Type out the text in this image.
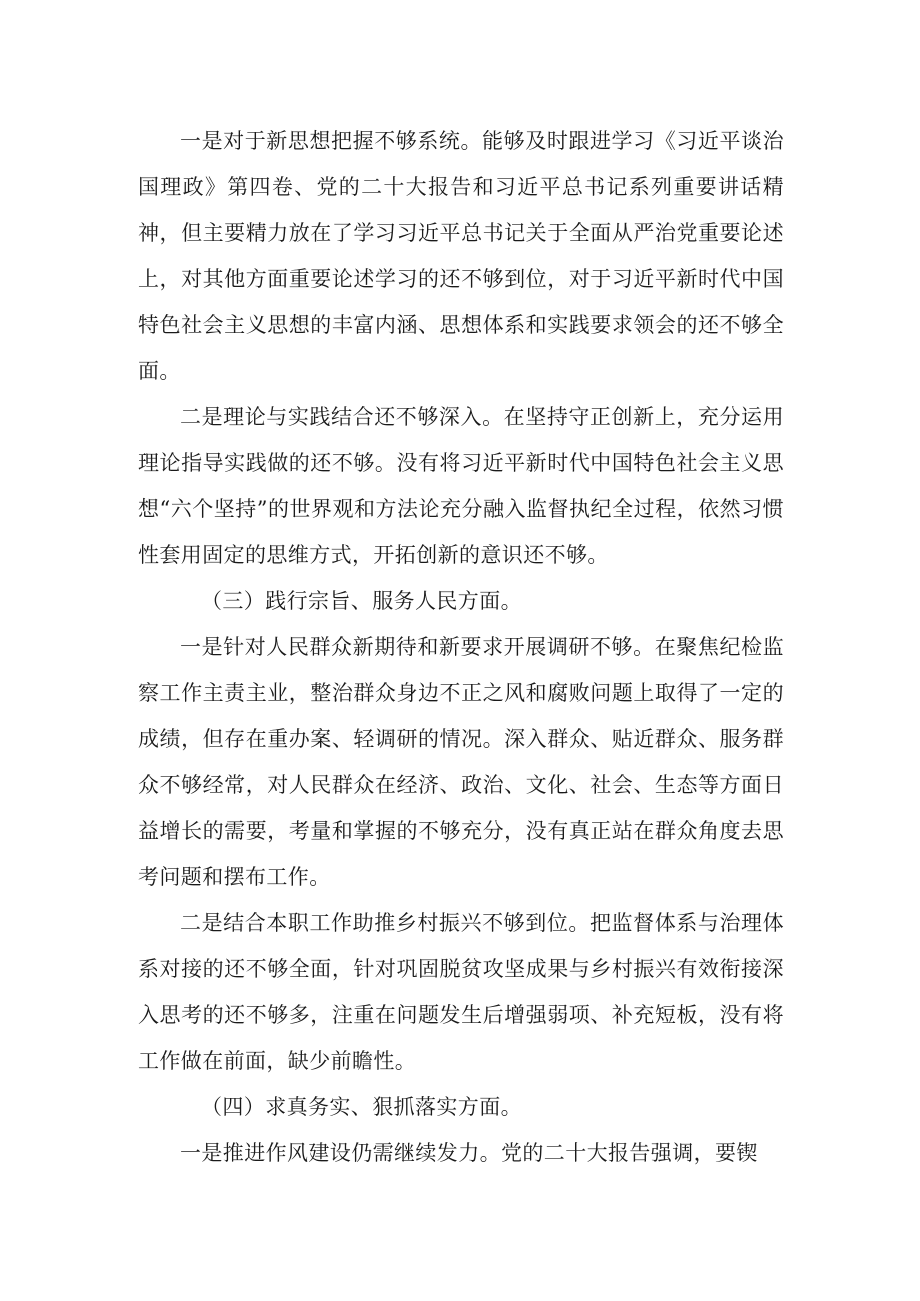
一是对于新思想把握不够系统。能够及时跟进学习《习近平谈治国理政》第四卷、党的二十大报告和习近平总书记系列重要讲话精神，但主要精力放在了学习习近平总书记关于全面从严治党重要论述上，对其他方面重要论述学习的还不够到位，对于习近平新时代中国特色社会主义思想的丰富内涵、思想体系和实践要求领会的还不够全面。

二是理论与实践结合还不够深入。在坚持守正创新上，充分运用理论指导实践做的还不够。没有将习近平新时代中国特色社会主义思想“六个坚持”的世界观和方法论充分融入监督执纪全过程，依然习惯性套用固定的思维方式，开拓创新的意识还不够。

（三）践行宗旨、服务人民方面。

一是针对人民群众新期待和新要求开展调研不够。在聚焦纪检监察工作主责主业，整治群众身边不正之风和腐败问题上取得了一定的成绩，但存在重办案、轻调研的情况。深入群众、贴近群众、服务群众不够经常，对人民群众在经济、政治、文化、社会、生态等方面日益增长的需要，考量和掌握的不够充分，没有真正站在群众角度去思考问题和摆布工作。

二是结合本职工作助推乡村振兴不够到位。把监督体系与治理体系对接的还不够全面，针对巩固脱贫攻坚成果与乡村振兴有效衔接深入思考的还不够多，注重在问题发生后增强弱项、补充短板，没有将工作做在前面，缺少前瞻性。

（四）求真务实、狠抓落实方面。

一是推进作风建设仍需继续发力。党的二十大报告强调，要锲
